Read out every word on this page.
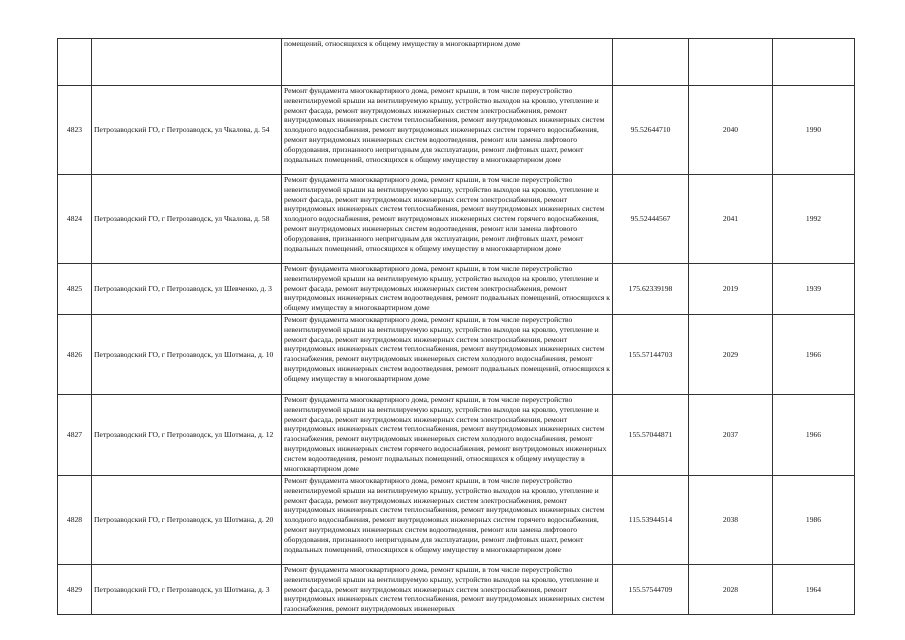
		помещений, относящихся к общему имуществу в многоквартирном доме			
4823	Петрозаводский ГО, г Петрозаводск, ул Чкалова, д. 54	Ремонт фундамента многоквартирного дома, ремонт крыши, в том числе переустройство невентилируемой крыши на вентилируемую крышу, устройство выходов на кровлю, утепление и ремонт фасада, ремонт внутридомовых инженерных систем электроснабжения, ремонт внутридомовых инженерных систем теплоснабжения, ремонт внутридомовых инженерных систем холодного водоснабжения, ремонт внутридомовых инженерных систем горячего водоснабжения, ремонт внутридомовых инженерных систем водоотведения, ремонт или замена лифтового оборудования, признанного непригодным для эксплуатации, ремонт лифтовых шахт, ремонт подвальных помещений, относящихся к общему имуществу в многоквартирном доме	95.52644710	2040	1990
4824	Петрозаводский ГО, г Петрозаводск, ул Чкалова, д. 58	Ремонт фундамента многоквартирного дома, ремонт крыши, в том числе переустройство невентилируемой крыши на вентилируемую крышу, устройство выходов на кровлю, утепление и ремонт фасада, ремонт внутридомовых инженерных систем электроснабжения, ремонт внутридомовых инженерных систем теплоснабжения, ремонт внутридомовых инженерных систем холодного водоснабжения, ремонт внутридомовых инженерных систем горячего водоснабжения, ремонт внутридомовых инженерных систем водоотведения, ремонт или замена лифтового оборудования, признанного непригодным для эксплуатации, ремонт лифтовых шахт, ремонт подвальных помещений, относящихся к общему имуществу в многоквартирном доме	95.52444567	2041	1992
4825	Петрозаводский ГО, г Петрозаводск, ул Шевченко, д. 3	Ремонт фундамента многоквартирного дома, ремонт крыши, в том числе переустройство невентилируемой крыши на вентилируемую крышу, устройство выходов на кровлю, утепление и ремонт фасада, ремонт внутридомовых инженерных систем электроснабжения, ремонт внутридомовых инженерных систем водоотведения, ремонт подвальных помещений, относящихся к общему имуществу в многоквартирном доме	175.62339198	2019	1939
4826	Петрозаводский ГО, г Петрозаводск, ул Шотмана, д. 10	Ремонт фундамента многоквартирного дома, ремонт крыши, в том числе переустройство невентилируемой крыши на вентилируемую крышу, устройство выходов на кровлю, утепление и ремонт фасада, ремонт внутридомовых инженерных систем электроснабжения, ремонт внутридомовых инженерных систем теплоснабжения, ремонт внутридомовых инженерных систем газоснабжения, ремонт внутридомовых инженерных систем холодного водоснабжения, ремонт внутридомовых инженерных систем водоотведения, ремонт подвальных помещений, относящихся к общему имуществу в многоквартирном доме	155.57144703	2029	1966
4827	Петрозаводский ГО, г Петрозаводск, ул Шотмана, д. 12	Ремонт фундамента многоквартирного дома, ремонт крыши, в том числе переустройство невентилируемой крыши на вентилируемую крышу, устройство выходов на кровлю, утепление и ремонт фасада, ремонт внутридомовых инженерных систем электроснабжения, ремонт внутридомовых инженерных систем теплоснабжения, ремонт внутридомовых инженерных систем газоснабжения, ремонт внутридомовых инженерных систем холодного водоснабжения, ремонт внутридомовых инженерных систем горячего водоснабжения, ремонт внутридомовых инженерных систем водоотведения, ремонт подвальных помещений, относящихся к общему имуществу в многоквартирном доме	155.57044871	2037	1966
4828	Петрозаводский ГО, г Петрозаводск, ул Шотмана, д. 20	Ремонт фундамента многоквартирного дома, ремонт крыши, в том числе переустройство невентилируемой крыши на вентилируемую крышу, устройство выходов на кровлю, утепление и ремонт фасада, ремонт внутридомовых инженерных систем электроснабжения, ремонт внутридомовых инженерных систем теплоснабжения, ремонт внутридомовых инженерных систем холодного водоснабжения, ремонт внутридомовых инженерных систем горячего водоснабжения, ремонт внутридомовых инженерных систем водоотведения, ремонт или замена лифтового оборудования, признанного непригодным для эксплуатации, ремонт лифтовых шахт, ремонт подвальных помещений, относящихся к общему имуществу в многоквартирном доме	115.53944514	2038	1986
4829	Петрозаводский ГО, г Петрозаводск, ул Шотмана, д. 3	Ремонт фундамента многоквартирного дома, ремонт крыши, в том числе переустройство невентилируемой крыши на вентилируемую крышу, устройство выходов на кровлю, утепление и ремонт фасада, ремонт внутридомовых инженерных систем электроснабжения, ремонт внутридомовых инженерных систем теплоснабжения, ремонт внутридомовых инженерных систем газоснабжения, ремонт внутридомовых инженерных	155.57544709	2028	1964
